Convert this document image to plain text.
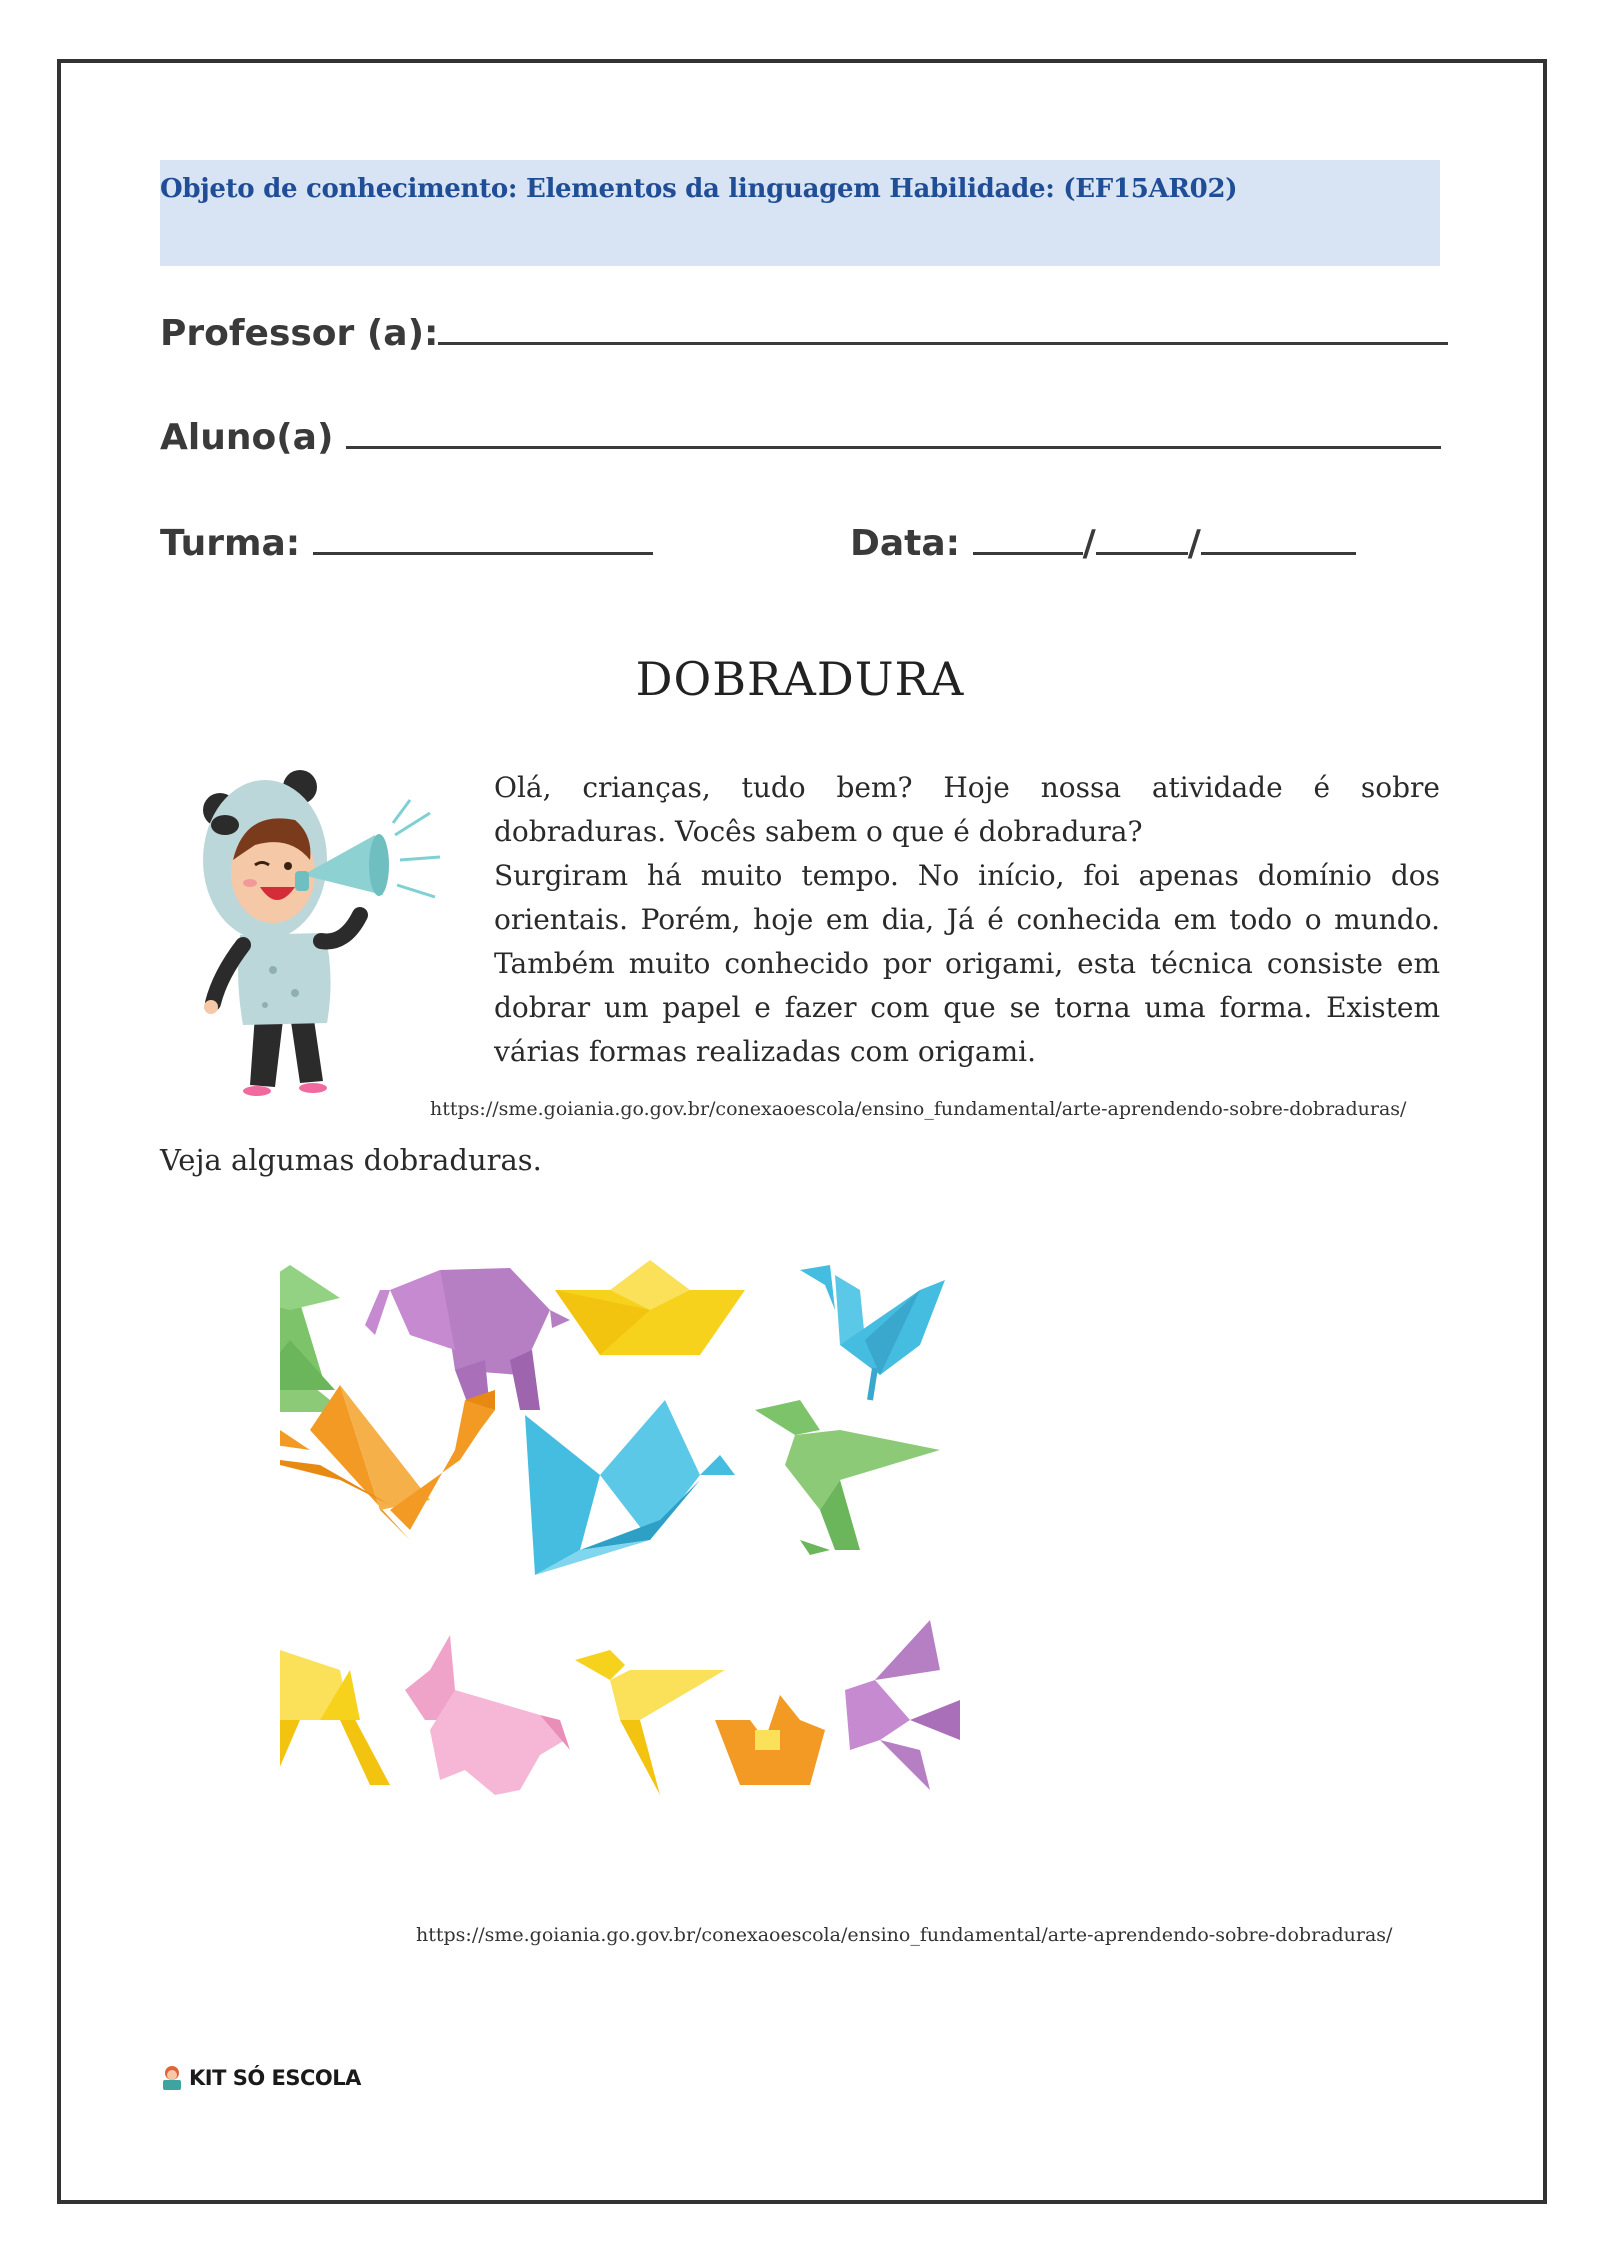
Objeto de conhecimento: Elementos da linguagem Habilidade: (EF15AR02)
Professor (a):
Aluno(a)
Turma:	Data:	/	/
DOBRADURA

Olá, crianças, tudo bem? Hoje nossa atividade é sobre dobraduras. Vocês sabem o que é dobradura?

Surgiram há muito tempo. No início, foi apenas domínio dos orientais. Porém, hoje em dia, Já é conhecida em todo o mundo. Também muito conhecido por origami, esta técnica consiste em dobrar um papel e fazer com que se torna uma forma. Existem várias formas realizadas com origami.

https://sme.goiania.go.gov.br/conexaoescola/ensino_fundamental/arte-aprendendo-sobre-dobraduras/
Veja algumas dobraduras.
https://sme.goiania.go.gov.br/conexaoescola/ensino_fundamental/arte-aprendendo-sobre-dobraduras/
KIT SÓ ESCOLA
